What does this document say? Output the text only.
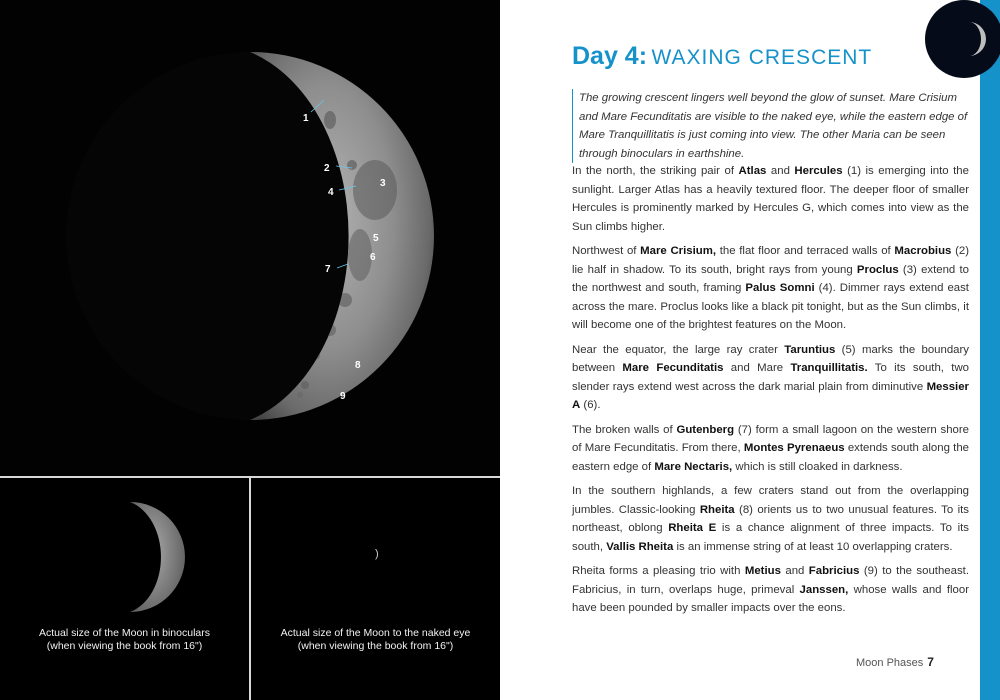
1
2
3
4
5
6
7
8
9
Actual size of the Moon in binoculars
(when viewing the book from 16")
)
Actual size of the Moon to the naked eye
(when viewing the book from 16")
Day 4: WAXING CRESCENT
The growing crescent lingers well beyond the glow of sunset. Mare Crisium and Mare Fecunditatis are visible to the naked eye, while the eastern edge of Mare Tranquillitatis is just coming into view. The other Maria can be seen through binoculars in earthshine.

In the north, the striking pair of Atlas and Hercules (1) is emerging into the sunlight. Larger Atlas has a heavily textured floor. The deeper floor of smaller Hercules is prominently marked by Hercules G, which comes into view as the Sun climbs higher.

Northwest of Mare Crisium, the flat floor and terraced walls of Macrobius (2) lie half in shadow. To its south, bright rays from young Proclus (3) extend to the northwest and south, framing Palus Somni (4). Dimmer rays extend east across the mare. Proclus looks like a black pit tonight, but as the Sun climbs, it will become one of the brightest features on the Moon.

Near the equator, the large ray crater Taruntius (5) marks the boundary between Mare Fecunditatis and Mare Tranquillitatis. To its south, two slender rays extend west across the dark marial plain from diminutive Messier A (6).

The broken walls of Gutenberg (7) form a small lagoon on the western shore of Mare Fecunditatis. From there, Montes Pyrenaeus extends south along the eastern edge of Mare Nectaris, which is still cloaked in darkness.

In the southern highlands, a few craters stand out from the overlapping jumbles. Classic-looking Rheita (8) orients us to two unusual features. To its northeast, oblong Rheita E is a chance alignment of three impacts. To its south, Vallis Rheita is an immense string of at least 10 overlapping craters.

Rheita forms a pleasing trio with Metius and Fabricius (9) to the southeast. Fabricius, in turn, overlaps huge, primeval Janssen, whose walls and floor have been pounded by smaller impacts over the eons.

Moon Phases 7
